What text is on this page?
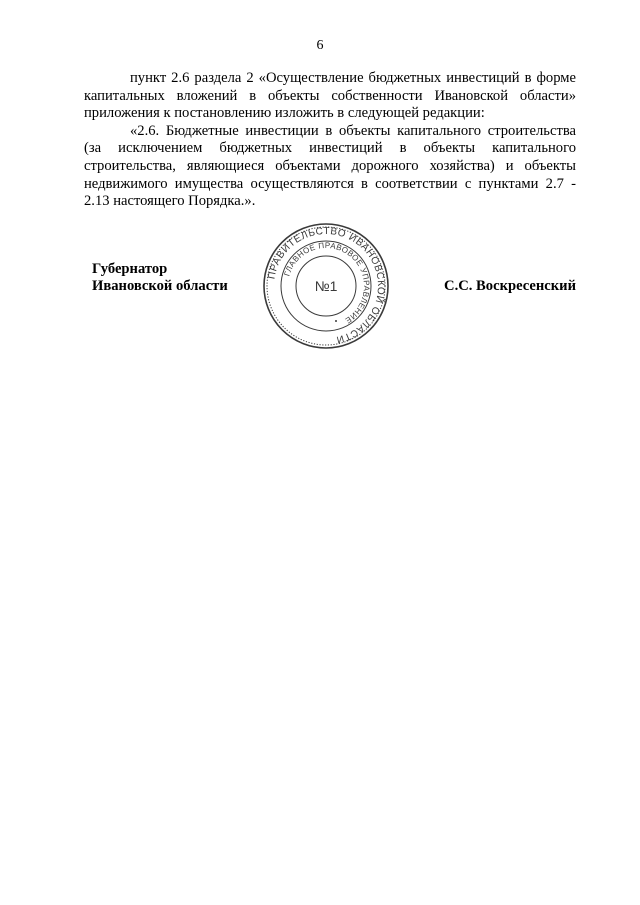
6

пункт 2.6 раздела 2 «Осуществление бюджетных инвестиций в форме капитальных вложений в объекты собственности Ивановской области» приложения к постановлению изложить в следующей редакции:

«2.6. Бюджетные инвестиции в объекты капитального строительства (за исключением бюджетных инвестиций в объекты капитального строительства, являющиеся объектами дорожного хозяйства) и объекты недвижимого имущества осуществляются в соответствии с пунктами 2.7 - 2.13 настоящего Порядка.».

Губернатор
Ивановской области	С.С. Воскресенский
ПРАВИТЕЛЬСТВО ИВАНОВСКОЙ ОБЛАСТИ
ГЛАВНОЕ ПРАВОВОЕ УПРАВЛЕНИЕ
№1
